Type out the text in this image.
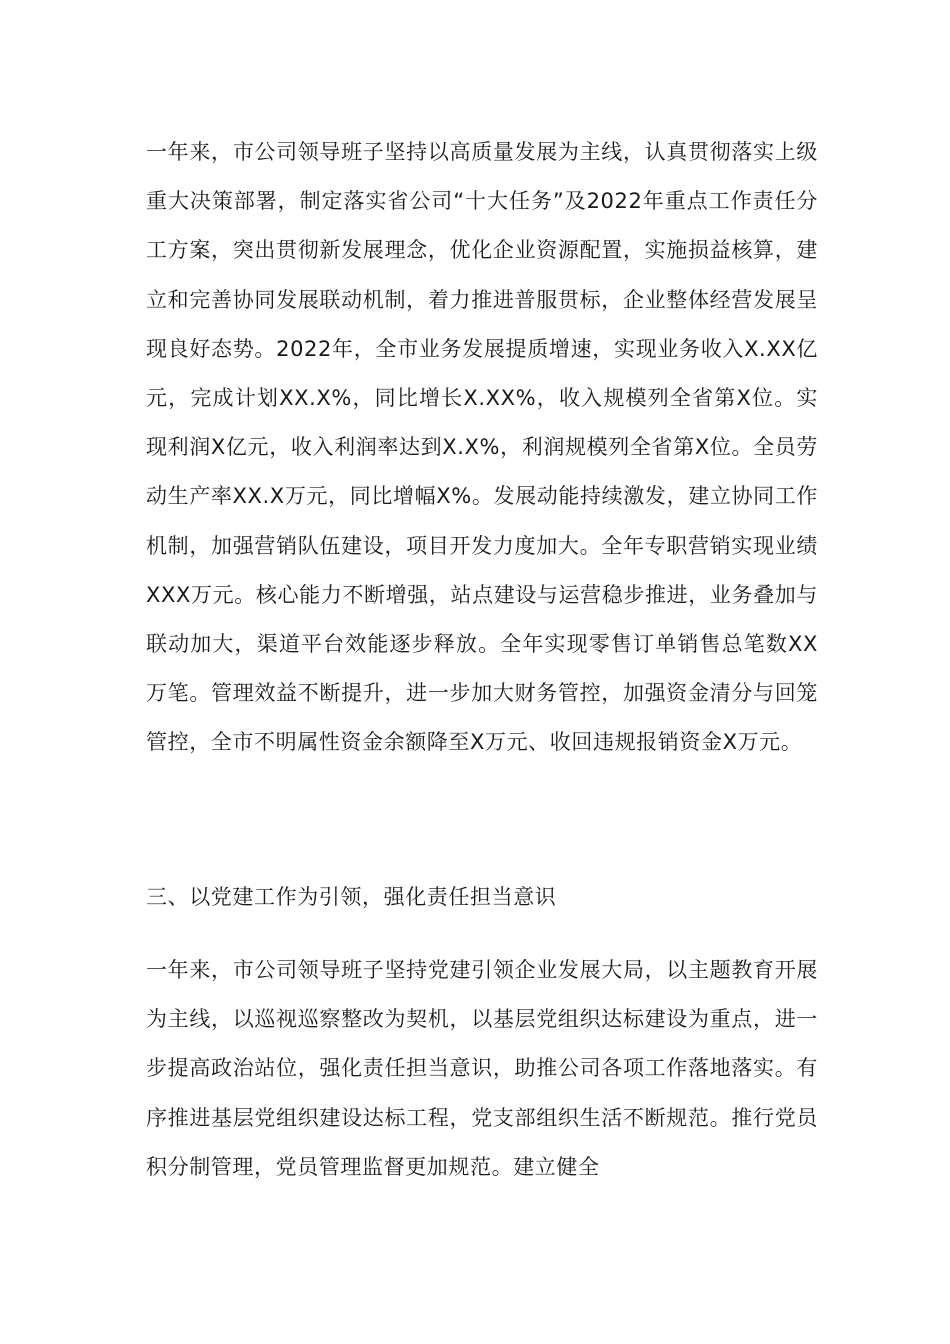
一年来，市公司领导班子坚持以高质量发展为主线，认真贯彻落实上级重大决策部署，制定落实省公司“十大任务”及2022年重点工作责任分工方案，突出贯彻新发展理念，优化企业资源配置，实施损益核算，建立和完善协同发展联动机制，着力推进普服贯标，企业整体经营发展呈现良好态势。2022年，全市业务发展提质增速，实现业务收入X.XX亿元，完成计划XX.X%，同比增长X.XX%，收入规模列全省第X位。实现利润X亿元，收入利润率达到X.X%，利润规模列全省第X位。全员劳动生产率XX.X万元，同比增幅X%。发展动能持续激发，建立协同工作机制，加强营销队伍建设，项目开发力度加大。全年专职营销实现业绩XXX万元。核心能力不断增强，站点建设与运营稳步推进，业务叠加与联动加大，渠道平台效能逐步释放。全年实现零售订单销售总笔数XX万笔。管理效益不断提升，进一步加大财务管控，加强资金清分与回笼管控，全市不明属性资金余额降至X万元、收回违规报销资金X万元。

三、以党建工作为引领，强化责任担当意识

一年来，市公司领导班子坚持党建引领企业发展大局，以主题教育开展为主线，以巡视巡察整改为契机，以基层党组织达标建设为重点，进一步提高政治站位，强化责任担当意识，助推公司各项工作落地落实。有序推进基层党组织建设达标工程，党支部组织生活不断规范。推行党员积分制管理，党员管理监督更加规范。建立健全
